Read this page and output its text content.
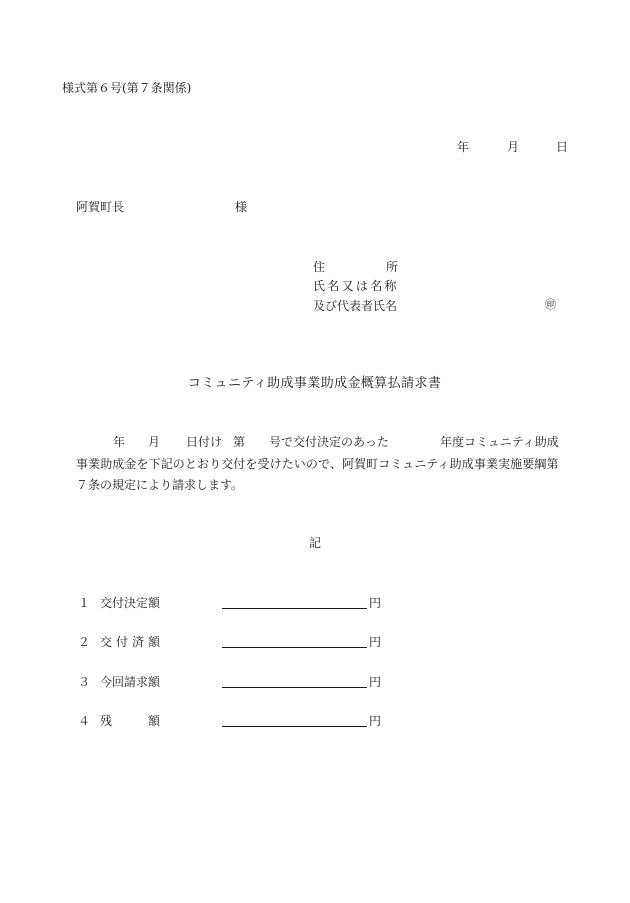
様式第６号(第７条関係)
年	月	日
阿賀町長	様
住	所
氏名又は名称
及び代表者氏名	㊞
コミュニティ助成事業助成金概算払請求書
年 月 日付け 第 号で交付決定のあった	年度コミュニティ助成
事業助成金を下記のとおり交付を受けたいので、阿賀町コミュニティ助成事業実施要綱第
７条の規定により請求します。
記
１ 交付決定額	円
２ 交付済額	円
３ 今回請求額	円
４ 残	額	円
